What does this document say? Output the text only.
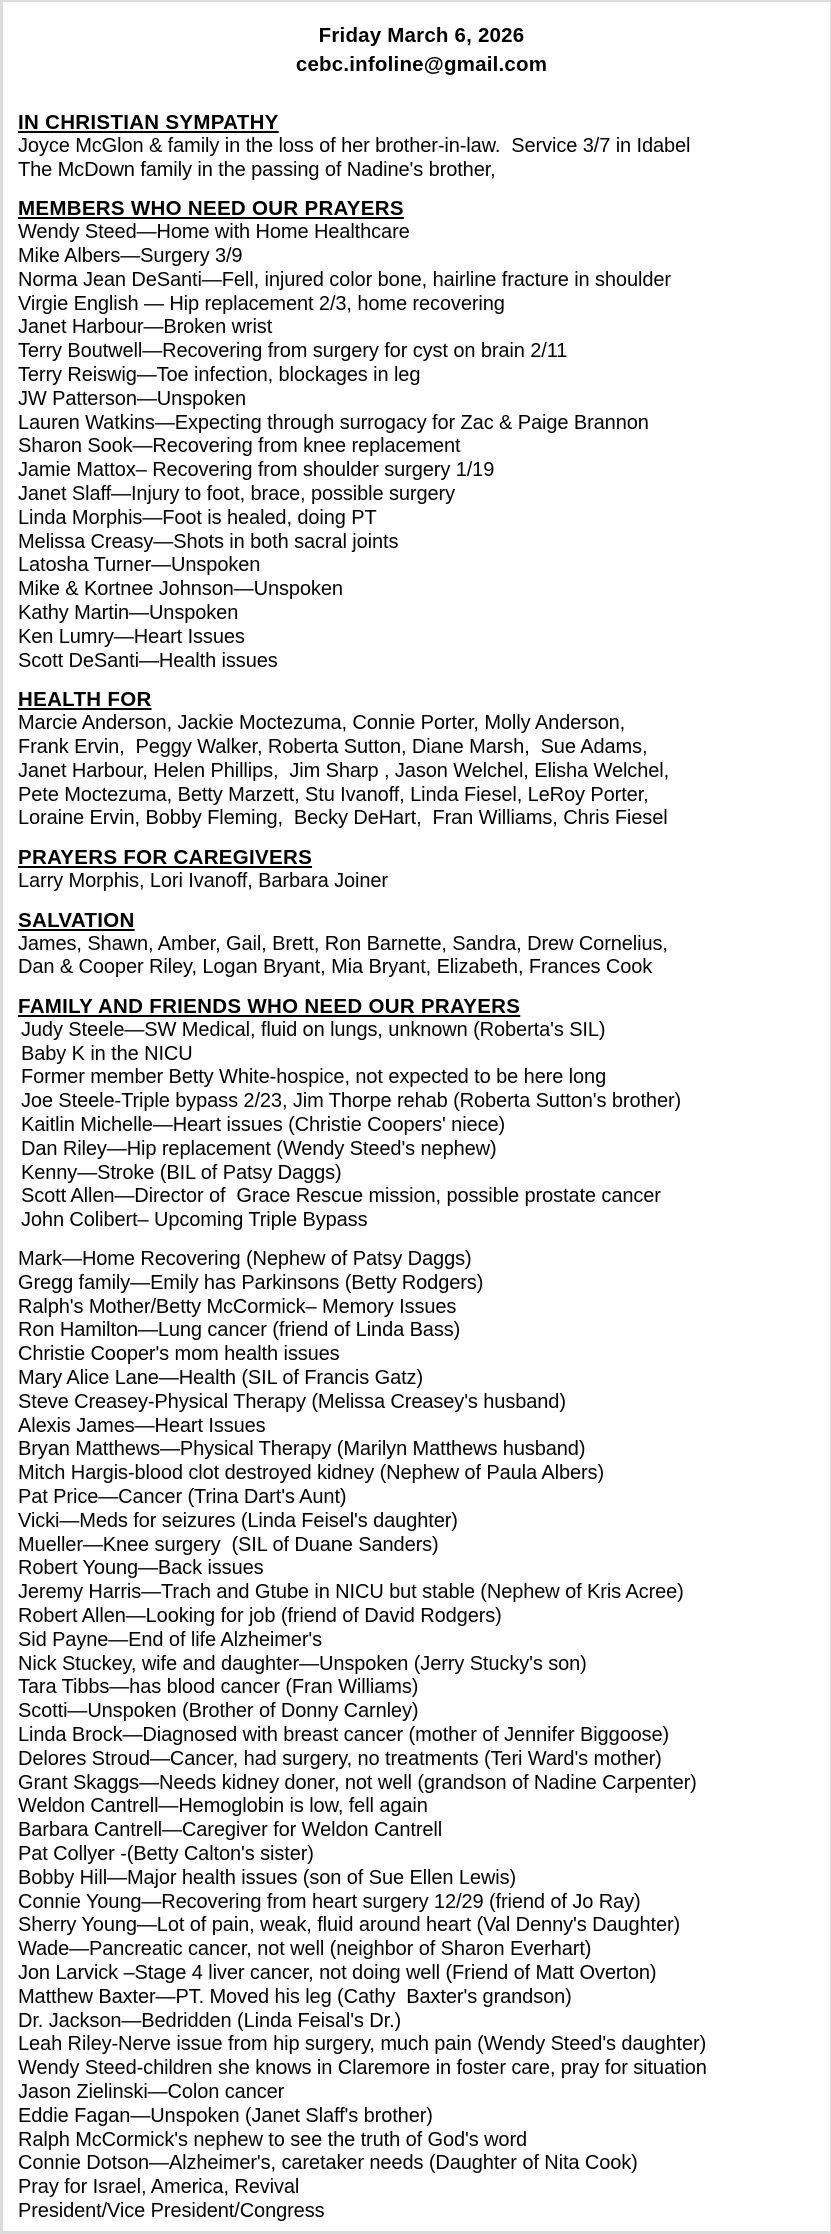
Friday March 6, 2026
cebc.infoline@gmail.com
IN CHRISTIAN SYMPATHY

Joyce McGlon & family in the loss of her brother-in-law.  Service 3/7 in Idabel

The McDown family in the passing of Nadine's brother,

MEMBERS WHO NEED OUR PRAYERS

Wendy Steed—Home with Home Healthcare

Mike Albers—Surgery 3/9

Norma Jean DeSanti—Fell, injured color bone, hairline fracture in shoulder

Virgie English — Hip replacement 2/3, home recovering

Janet Harbour—Broken wrist

Terry Boutwell—Recovering from surgery for cyst on brain 2/11

Terry Reiswig—Toe infection, blockages in leg

JW Patterson—Unspoken

Lauren Watkins—Expecting through surrogacy for Zac & Paige Brannon

Sharon Sook—Recovering from knee replacement

Jamie Mattox– Recovering from shoulder surgery 1/19

Janet Slaff—Injury to foot, brace, possible surgery

Linda Morphis—Foot is healed, doing PT

Melissa Creasy—Shots in both sacral joints

Latosha Turner—Unspoken

Mike & Kortnee Johnson—Unspoken

Kathy Martin—Unspoken

Ken Lumry—Heart Issues

Scott DeSanti—Health issues

HEALTH FOR

Marcie Anderson, Jackie Moctezuma, Connie Porter, Molly Anderson,

Frank Ervin,  Peggy Walker, Roberta Sutton, Diane Marsh,  Sue Adams,

Janet Harbour, Helen Phillips,  Jim Sharp , Jason Welchel, Elisha Welchel,

Pete Moctezuma, Betty Marzett, Stu Ivanoff, Linda Fiesel, LeRoy Porter,

Loraine Ervin, Bobby Fleming,  Becky DeHart,  Fran Williams, Chris Fiesel

PRAYERS FOR CAREGIVERS

Larry Morphis, Lori Ivanoff, Barbara Joiner

SALVATION

James, Shawn, Amber, Gail, Brett, Ron Barnette, Sandra, Drew Cornelius,

Dan & Cooper Riley, Logan Bryant, Mia Bryant, Elizabeth, Frances Cook

FAMILY AND FRIENDS WHO NEED OUR PRAYERS

Judy Steele—SW Medical, fluid on lungs, unknown (Roberta's SIL)

Baby K in the NICU

Former member Betty White-hospice, not expected to be here long

Joe Steele-Triple bypass 2/23, Jim Thorpe rehab (Roberta Sutton's brother)

Kaitlin Michelle—Heart issues (Christie Coopers' niece)

Dan Riley—Hip replacement (Wendy Steed's nephew)

Kenny—Stroke (BIL of Patsy Daggs)

Scott Allen—Director of  Grace Rescue mission, possible prostate cancer

John Colibert– Upcoming Triple Bypass

Mark—Home Recovering (Nephew of Patsy Daggs)

Gregg family—Emily has Parkinsons (Betty Rodgers)

Ralph's Mother/Betty McCormick– Memory Issues

Ron Hamilton—Lung cancer (friend of Linda Bass)

Christie Cooper's mom health issues

Mary Alice Lane—Health (SIL of Francis Gatz)

Steve Creasey-Physical Therapy (Melissa Creasey's husband)

Alexis James—Heart Issues

Bryan Matthews—Physical Therapy (Marilyn Matthews husband)

Mitch Hargis-blood clot destroyed kidney (Nephew of Paula Albers)

Pat Price—Cancer (Trina Dart's Aunt)

Vicki—Meds for seizures (Linda Feisel's daughter)

Mueller—Knee surgery  (SIL of Duane Sanders)

Robert Young—Back issues

Jeremy Harris—Trach and Gtube in NICU but stable (Nephew of Kris Acree)

Robert Allen—Looking for job (friend of David Rodgers)

Sid Payne—End of life Alzheimer's

Nick Stuckey, wife and daughter—Unspoken (Jerry Stucky's son)

Tara Tibbs—has blood cancer (Fran Williams)

Scotti—Unspoken (Brother of Donny Carnley)

Linda Brock—Diagnosed with breast cancer (mother of Jennifer Biggoose)

Delores Stroud—Cancer, had surgery, no treatments (Teri Ward's mother)

Grant Skaggs—Needs kidney doner, not well (grandson of Nadine Carpenter)

Weldon Cantrell—Hemoglobin is low, fell again

Barbara Cantrell—Caregiver for Weldon Cantrell

Pat Collyer -(Betty Calton's sister)

Bobby Hill—Major health issues (son of Sue Ellen Lewis)

Connie Young—Recovering from heart surgery 12/29 (friend of Jo Ray)

Sherry Young—Lot of pain, weak, fluid around heart (Val Denny's Daughter)

Wade—Pancreatic cancer, not well (neighbor of Sharon Everhart)

Jon Larvick –Stage 4 liver cancer, not doing well (Friend of Matt Overton)

Matthew Baxter—PT. Moved his leg (Cathy  Baxter's grandson)

Dr. Jackson—Bedridden (Linda Feisal's Dr.)

Leah Riley-Nerve issue from hip surgery, much pain (Wendy Steed's daughter)

Wendy Steed-children she knows in Claremore in foster care, pray for situation

Jason Zielinski—Colon cancer

Eddie Fagan—Unspoken (Janet Slaff's brother)

Ralph McCormick's nephew to see the truth of God's word

Connie Dotson—Alzheimer's, caretaker needs (Daughter of Nita Cook)

Pray for Israel, America, Revival

President/Vice President/Congress
